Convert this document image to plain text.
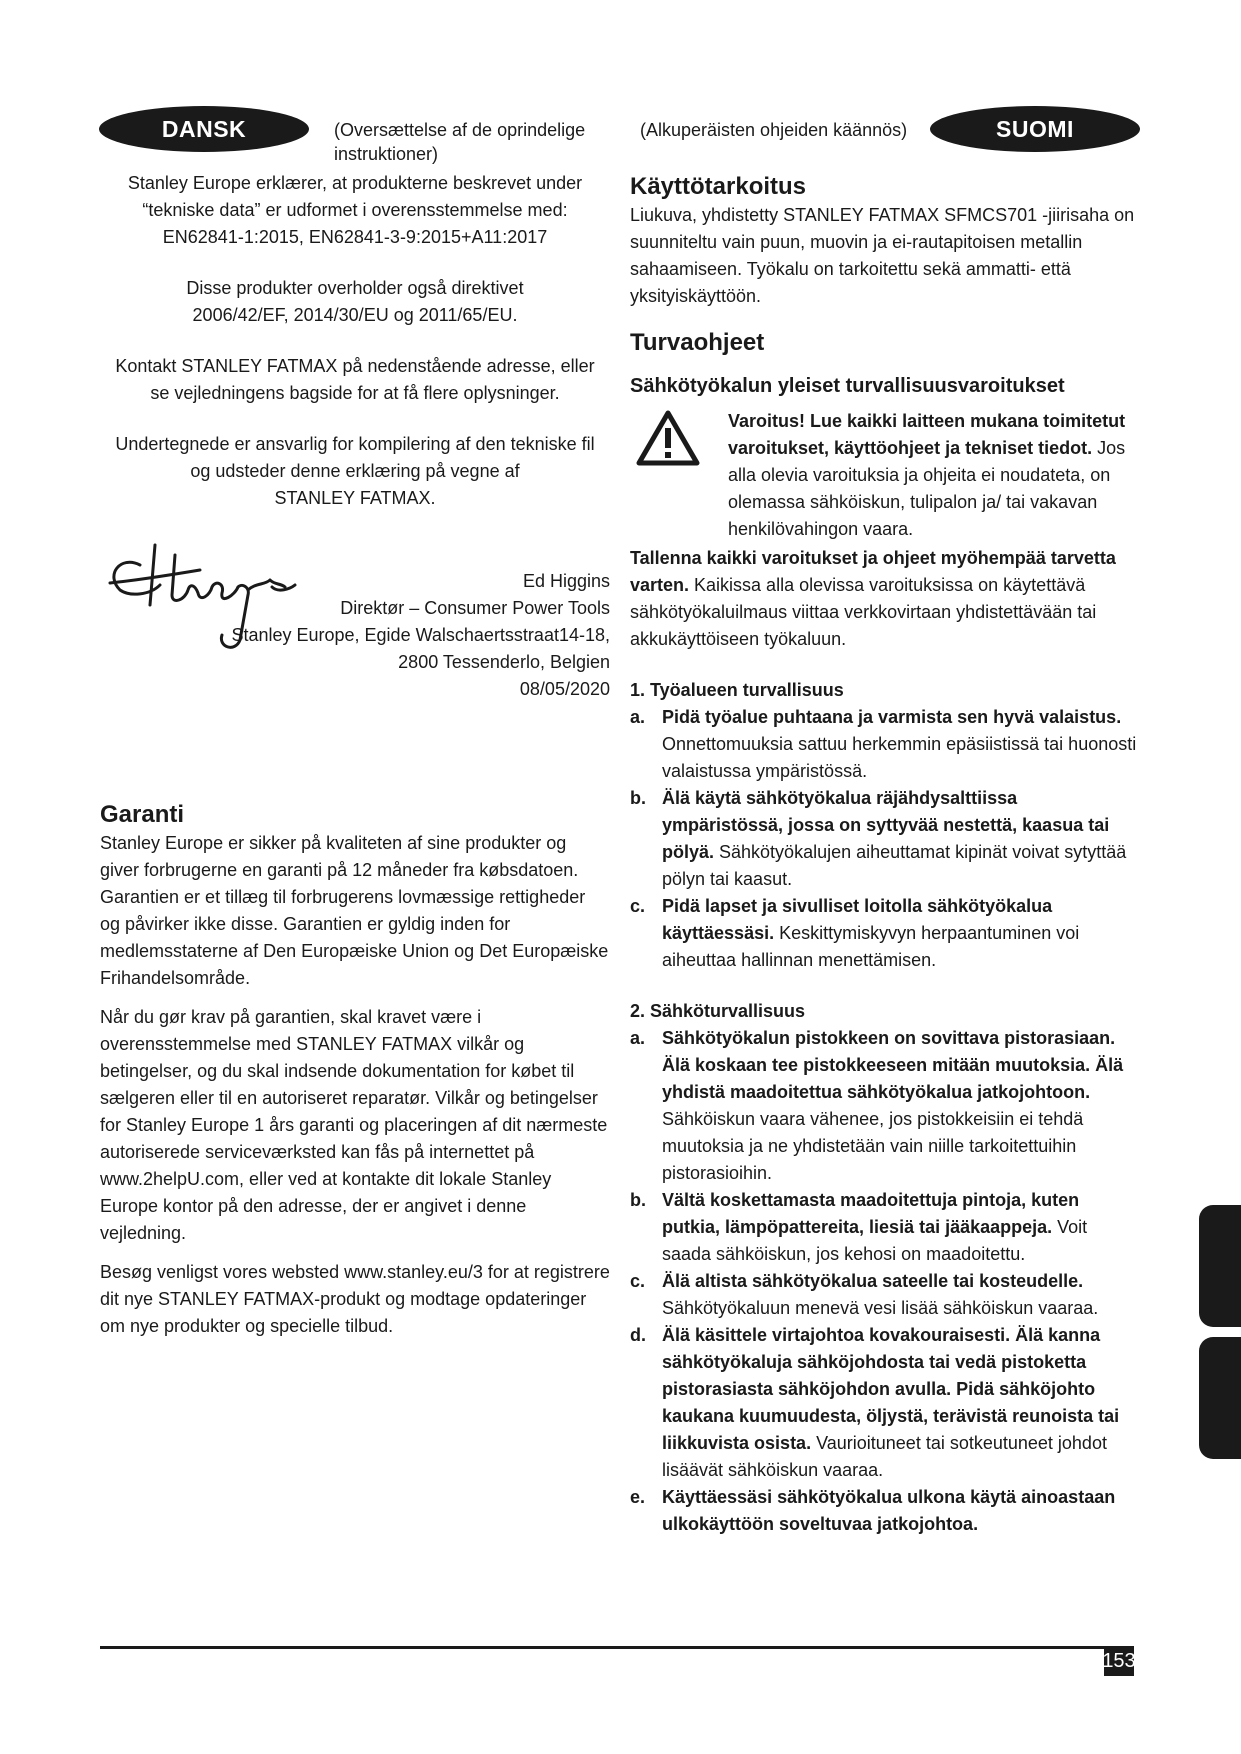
DANSK	(Oversættelse af de oprindelige instruktioner)
(Alkuperäisten ohjeiden käännös)	SUOMI
Stanley Europe erklærer, at produkterne beskrevet under
“tekniske data” er udformet i overensstemmelse med:
EN62841-1:2015, EN62841-3-9:2015+A11:2017
Disse produkter overholder også direktivet
2006/42/EF, 2014/30/EU og 2011/65/EU.
Kontakt STANLEY FATMAX på nedenstående adresse, eller
se vejledningens bagside for at få flere oplysninger.
Undertegnede er ansvarlig for kompilering af den tekniske fil
og udsteder denne erklæring på vegne af
STANLEY FATMAX.
Ed Higgins
Direktør – Consumer Power Tools
Stanley Europe, Egide Walschaertsstraat14-18,
2800 Tessenderlo, Belgien
08/05/2020
Garanti

Stanley Europe er sikker på kvaliteten af sine produkter og giver forbrugerne en garanti på 12 måneder fra købsdatoen. Garantien er et tillæg til forbrugerens lovmæssige rettigheder og påvirker ikke disse. Garantien er gyldig inden for medlemsstaterne af Den Europæiske Union og Det Europæiske Frihandelsområde.

Når du gør krav på garantien, skal kravet være i overensstemmelse med STANLEY FATMAX vilkår og betingelser, og du skal indsende dokumentation for købet til sælgeren eller til en autoriseret reparatør. Vilkår og betingelser for Stanley Europe 1 års garanti og placeringen af dit nærmeste autoriserede serviceværksted kan fås på internettet på www.2helpU.com, eller ved at kontakte dit lokale Stanley Europe kontor på den adresse, der er angivet i denne vejledning.

Besøg venligst vores websted www.stanley.eu/3 for at registrere dit nye STANLEY FATMAX-produkt og modtage opdateringer om nye produkter og specielle tilbud.

Käyttötarkoitus

Liukuva, yhdistetty STANLEY FATMAX SFMCS701 -jiirisaha on suunniteltu vain puun, muovin ja ei-rautapitoisen metallin sahaamiseen. Työkalu on tarkoitettu sekä ammatti- että yksityiskäyttöön.

Turvaohjeet
Sähkötyökalun yleiset turvallisuusvaroitukset

Varoitus! Lue kaikki laitteen mukana toimitetut varoitukset, käyttöohjeet ja tekniset tiedot. Jos alla olevia varoituksia ja ohjeita ei noudateta, on olemassa sähköiskun, tulipalon ja/ tai vakavan henkilövahingon vaara.

Tallenna kaikki varoitukset ja ohjeet myöhempää tarvetta varten. Kaikissa alla olevissa varoituksissa on käytettävä sähkötyökaluilmaus viittaa verkkovirtaan yhdistettävään tai akkukäyttöiseen työkaluun.

1. Työalueen turvallisuus
a. Pidä työalue puhtaana ja varmista sen hyvä valaistus. Onnettomuuksia sattuu herkemmin epäsiistissä tai huonosti valaistussa ympäristössä.
b. Älä käytä sähkötyökalua räjähdysalttiissa ympäristössä, jossa on syttyvää nestettä, kaasua tai pölyä. Sähkötyökalujen aiheuttamat kipinät voivat sytyttää pölyn tai kaasut.
c. Pidä lapset ja sivulliset loitolla sähkötyökalua käyttäessäsi. Keskittymiskyvyn herpaantuminen voi aiheuttaa hallinnan menettämisen.
2. Sähköturvallisuus
a. Sähkötyökalun pistokkeen on sovittava pistorasiaan. Älä koskaan tee pistokkeeseen mitään muutoksia. Älä yhdistä maadoitettua sähkötyökalua jatkojohtoon. Sähköiskun vaara vähenee, jos pistokkeisiin ei tehdä muutoksia ja ne yhdistetään vain niille tarkoitettuihin pistorasioihin.
b. Vältä koskettamasta maadoitettuja pintoja, kuten putkia, lämpöpattereita, liesiä tai jääkaappeja. Voit saada sähköiskun, jos kehosi on maadoitettu.
c. Älä altista sähkötyökalua sateelle tai kosteudelle. Sähkötyökaluun menevä vesi lisää sähköiskun vaaraa.
d. Älä käsittele virtajohtoa kovakouraisesti. Älä kanna sähkötyökaluja sähköjohdosta tai vedä pistoketta pistorasiasta sähköjohdon avulla. Pidä sähköjohto kaukana kuumuudesta, öljystä, terävistä reunoista tai liikkuvista osista. Vaurioituneet tai sotkeutuneet johdot lisäävät sähköiskun vaaraa.
e. Käyttäessäsi sähkötyökalua ulkona käytä ainoastaan ulkokäyttöön soveltuvaa jatkojohtoa.
153
